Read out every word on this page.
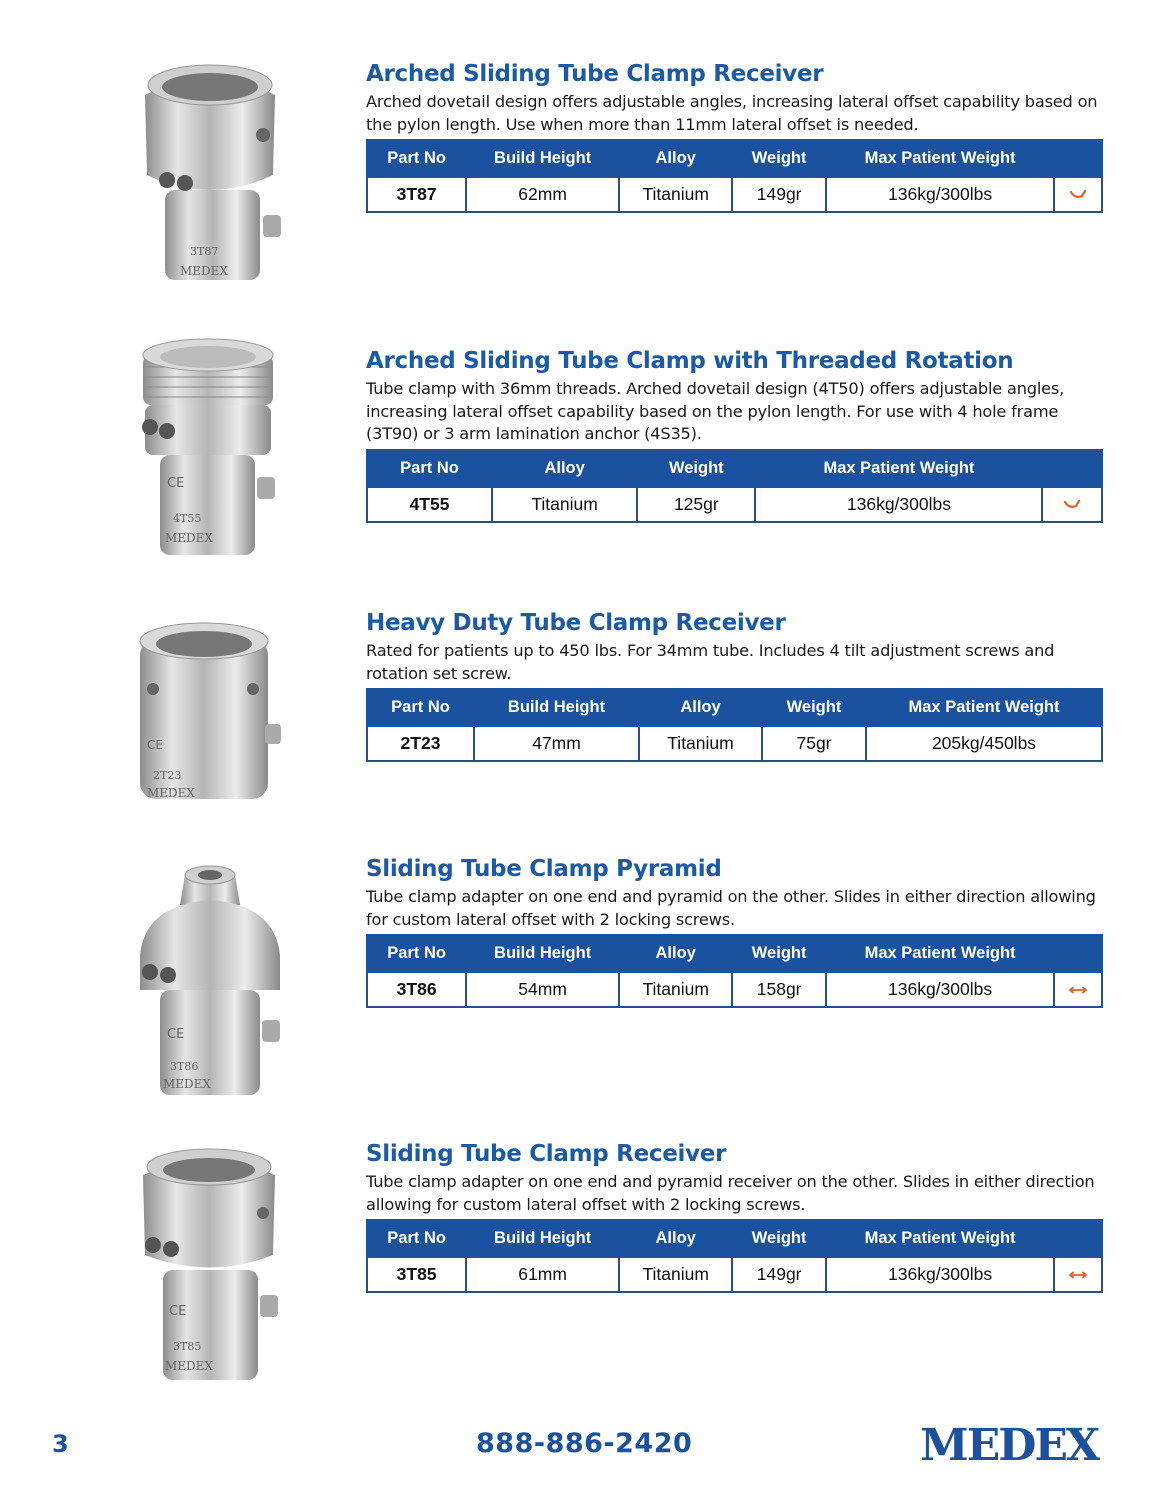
3T87
MEDEX
Arched Sliding Tube Clamp Receiver

Arched dovetail design offers adjustable angles, increasing lateral offset capability based on the pylon length. Use when more than 11mm lateral offset is needed.

Part No	Build Height	Alloy	Weight	Max Patient Weight	
3T87	62mm	Titanium	149gr	136kg/300lbs	
CE
4T55
MEDEX
Arched Sliding Tube Clamp with Threaded Rotation

Tube clamp with 36mm threads. Arched dovetail design (4T50) offers adjustable angles, increasing lateral offset capability based on the pylon length. For use with 4 hole frame (3T90) or 3 arm lamination anchor (4S35).

Part No	Alloy	Weight	Max Patient Weight	
4T55	Titanium	125gr	136kg/300lbs	
CE
2T23
MEDEX
Heavy Duty Tube Clamp Receiver

Rated for patients up to 450 lbs. For 34mm tube. Includes 4 tilt adjustment screws and rotation set screw.

Part No	Build Height	Alloy	Weight	Max Patient Weight
2T23	47mm	Titanium	75gr	205kg/450lbs
CE
3T86
MEDEX
Sliding Tube Clamp Pyramid

Tube clamp adapter on one end and pyramid on the other. Slides in either direction allowing for custom lateral offset with 2 locking screws.

Part No	Build Height	Alloy	Weight	Max Patient Weight	
3T86	54mm	Titanium	158gr	136kg/300lbs	
CE
3T85
MEDEX
Sliding Tube Clamp Receiver

Tube clamp adapter on one end and pyramid receiver on the other. Slides in either direction allowing for custom lateral offset with 2 locking screws.

Part No	Build Height	Alloy	Weight	Max Patient Weight	
3T85	61mm	Titanium	149gr	136kg/300lbs	
3	888-886-2420	MEDEX
